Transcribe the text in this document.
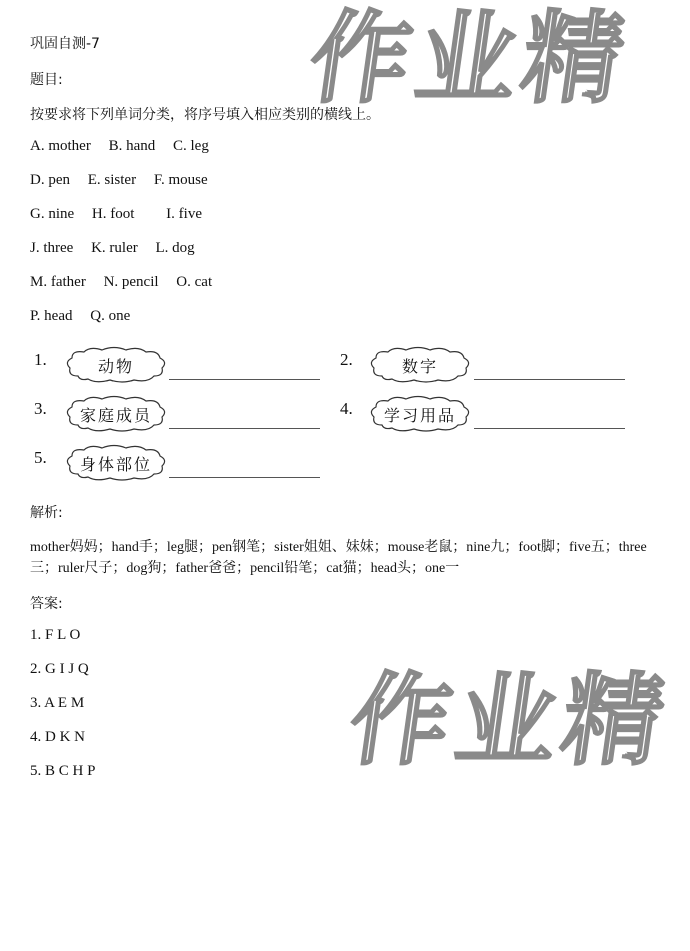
作业精
作业精
巩固自测-7
题目:
按要求将下列单词分类，将序号填入相应类别的横线上。
A. mother B. hand C. leg
D. pen E. sister F. mouse
G. nine H. foot I. five
J. three K. ruler L. dog
M. father N. pencil O. cat
P. head Q. one
1.	动物	2.	数字
3.	家庭成员	4.	学习用品
5.	身体部位
解析:
mother妈妈；hand手；leg腿；pen钢笔；sister姐姐、妹妹；mouse老鼠；nine九；foot脚；five五；three三；ruler尺子；dog狗；father爸爸；pencil铅笔；cat猫；head头；one一
答案:
1. F L O
2. G I J Q
3. A E M
4. D K N
5. B C H P
